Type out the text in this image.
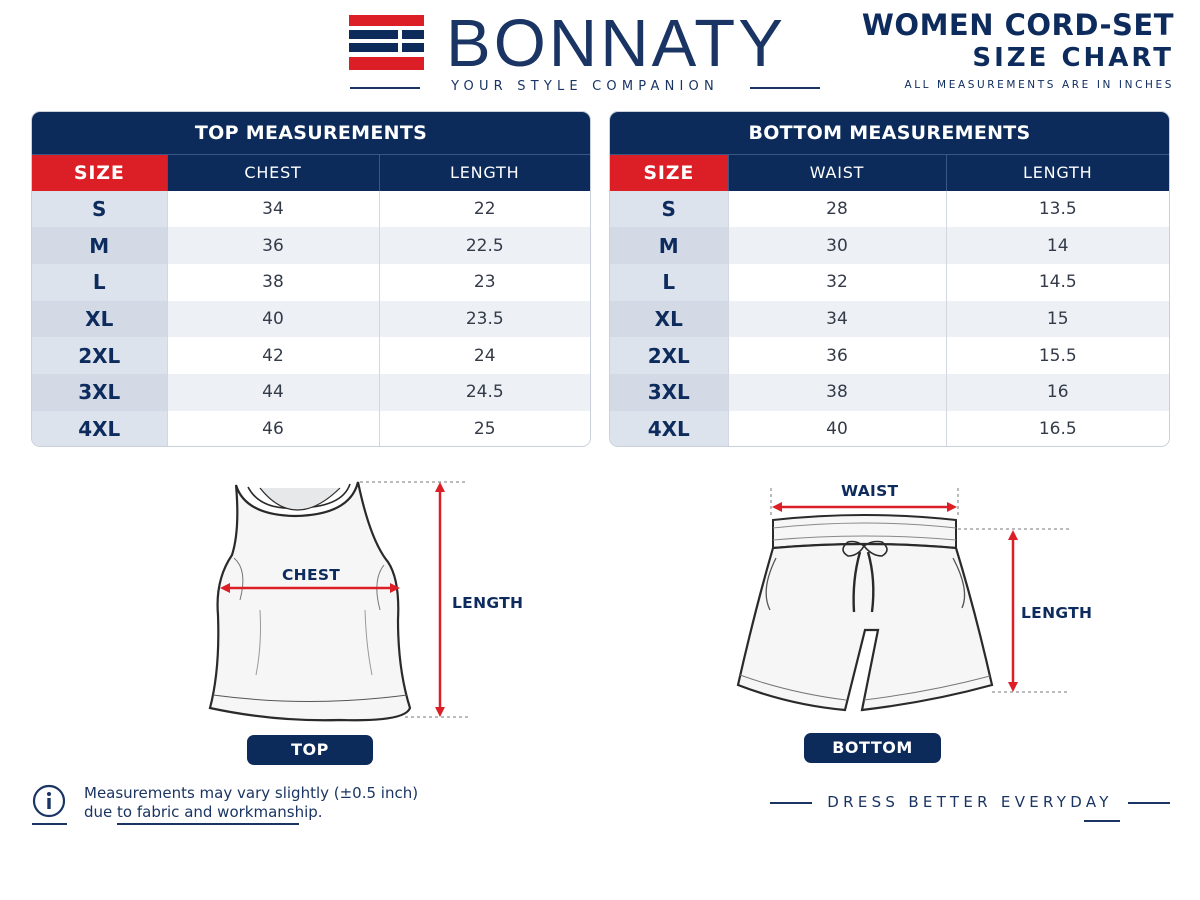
BONNATY
YOUR STYLE COMPANION
WOMEN CORD-SET
SIZE CHART
ALL MEASUREMENTS ARE IN INCHES
TOP MEASUREMENTS
SIZE	CHEST	LENGTH
S	34	22
M	36	22.5
L	38	23
XL	40	23.5
2XL	42	24
3XL	44	24.5
4XL	46	25
BOTTOM MEASUREMENTS
SIZE	WAIST	LENGTH
S	28	13.5
M	30	14
L	32	14.5
XL	34	15
2XL	36	15.5
3XL	38	16
4XL	40	16.5
CHEST
LENGTH
TOP
WAIST
LENGTH
BOTTOM
Measurements may vary slightly (±0.5 inch)
due to fabric and workmanship.
DRESS BETTER EVERYDAY
